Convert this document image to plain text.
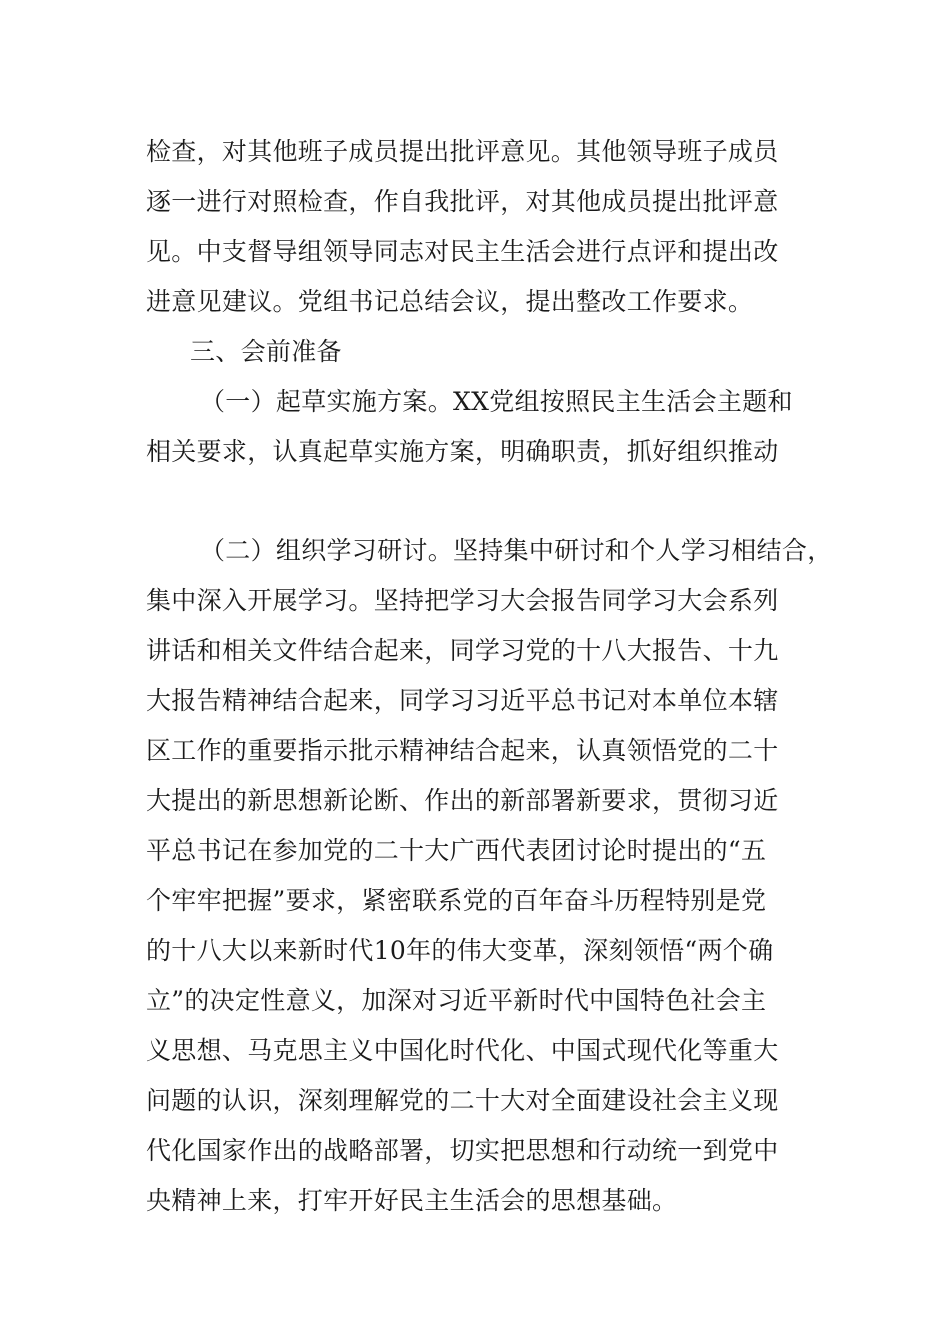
检查，对其他班子成员提出批评意见。其他领导班子成员
逐一进行对照检查，作自我批评，对其他成员提出批评意
见。中支督导组领导同志对民主生活会进行点评和提出改
进意见建议。党组书记总结会议，提出整改工作要求。
三、会前准备
（一）起草实施方案。XX党组按照民主生活会主题和
相关要求，认真起草实施方案，明确职责，抓好组织推动
（二）组织学习研讨。坚持集中研讨和个人学习相结合，
集中深入开展学习。坚持把学习大会报告同学习大会系列
讲话和相关文件结合起来，同学习党的十八大报告、十九
大报告精神结合起来，同学习习近平总书记对本单位本辖
区工作的重要指示批示精神结合起来，认真领悟党的二十
大提出的新思想新论断、作出的新部署新要求，贯彻习近
平总书记在参加党的二十大广西代表团讨论时提出的“五
个牢牢把握”要求，紧密联系党的百年奋斗历程特别是党
的十八大以来新时代10年的伟大变革，深刻领悟“两个确
立”的决定性意义，加深对习近平新时代中国特色社会主
义思想、马克思主义中国化时代化、中国式现代化等重大
问题的认识，深刻理解党的二十大对全面建设社会主义现
代化国家作出的战略部署，切实把思想和行动统一到党中
央精神上来，打牢开好民主生活会的思想基础。
